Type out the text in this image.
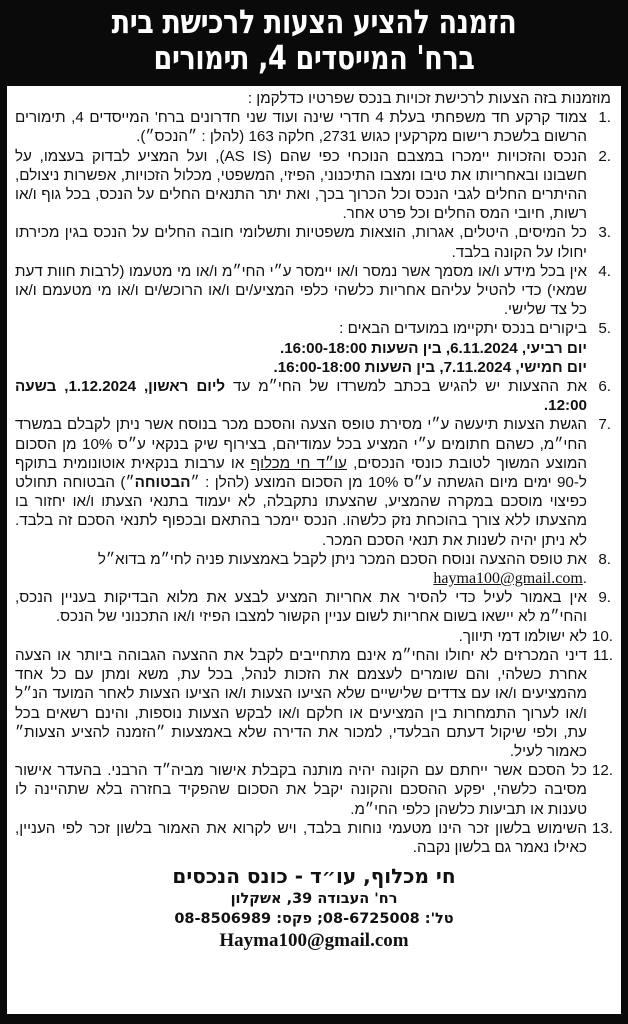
הזמנה להציע הצעות לרכישת בית
ברח' המייסדים 4, תימורים
מוזמנות בזה הצעות לרכישת זכויות בנכס שפרטיו כדלקמן :
1.
צמוד קרקע חד משפחתי בעלת 4 חדרי שינה ועוד שני חדרונים ברח' המייסדים 4, תימורים הרשום בלשכת רישום מקרקעין כגוש 2731, חלקה 163 (להלן : ״הנכס״).
2.
הנכס והזכויות יימכרו במצבם הנוכחי כפי שהם (AS IS), ועל המציע לבדוק בעצמו, על חשבונו ובאחריותו את טיבו ומצבו התיכנוני, הפיזי, המשפטי, מכלול הזכויות, אפשרות ניצולם, ההיתרים החלים לגבי הנכס וכל הכרוך בכך, ואת יתר התנאים החלים על הנכס, בכל גוף ו/או רשות, חיובי המס החלים וכל פרט אחר.
3.
כל המיסים, היטלים, אגרות, הוצאות משפטיות ותשלומי חובה החלים על הנכס בגין מכירתו יחולו על הקונה בלבד.
4.
אין בכל מידע ו/או מסמך אשר נמסר ו/או יימסר ע״י החי״מ ו/או מי מטעמו (לרבות חוות דעת שמאי) כדי להטיל עליהם אחריות כלשהי כלפי המציע/ים ו/או הרוכש/ים ו/או מי מטעמם ו/או כל צד שלישי.
5.
ביקורים בנכס יתקיימו במועדים הבאים :
יום רביעי, 6.11.2024, בין השעות 16:00-18:00.
יום חמישי, 7.11.2024, בין השעות 16:00-18:00.
6.
את ההצעות יש להגיש בכתב למשרדו של החי״מ עד ליום ראשון, 1.12.2024, בשעה 12:00.
7.
הגשת הצעות תיעשה ע״י מסירת טופס הצעה והסכם מכר בנוסח אשר ניתן לקבלם במשרד החי״מ, כשהם חתומים ע״י המציע בכל עמודיהם, בצירוף שיק בנקאי ע״ס 10% מן הסכום המוצע המשוך לטובת כונסי הנכסים, עו״ד חי מכלוף או ערבות בנקאית אוטונומית בתוקף ל-90 ימים מיום הגשתה ע״ס 10% מן הסכום המוצע (להלן : ״הבטוחה״) הבטוחה תחולט כפיצוי מוסכם במקרה שהמציע, שהצעתו נתקבלה, לא יעמוד בתנאי הצעתו ו/או יחזור בו מהצעתו ללא צורך בהוכחת נזק כלשהו. הנכס יימכר בהתאם ובכפוף לתנאי הסכם זה בלבד. לא ניתן יהיה לשנות את תנאי הסכם המכר.
8.
את טופס ההצעה ונוסח הסכם המכר ניתן לקבל באמצעות פניה לחי״מ בדוא״ל
.hayma100@gmail.com
9.
אין באמור לעיל כדי להסיר את אחריות המציע לבצע את מלוא הבדיקות בעניין הנכס, והחי״מ לא יישאו בשום אחריות לשום עניין הקשור למצבו הפיזי ו/או התכנוני של הנכס.
10.
לא ישולמו דמי תיווך.
11.
דיני המכרזים לא יחולו והחי״מ אינם מתחייבים לקבל את ההצעה הגבוהה ביותר או הצעה אחרת כשלהי, והם שומרים לעצמם את הזכות לנהל, בכל עת, משא ומתן עם כל אחד מהמציעים ו/או עם צדדים שלישיים שלא הציעו הצעות ו/או הציעו הצעות לאחר המועד הנ״ל ו/או לערוך התמחרות בין המציעים או חלקם ו/או לבקש הצעות נוספות, והינם רשאים בכל עת, ולפי שיקול דעתם הבלעדי, למכור את הדירה שלא באמצעות ״הזמנה להציע הצעות״ כאמור לעיל.
12.
כל הסכם אשר ייחתם עם הקונה יהיה מותנה בקבלת אישור מביה״ד הרבני. בהעדר אישור מסיבה כלשהי, יפקע ההסכם והקונה יקבל את הסכום שהפקיד בחזרה בלא שתהיינה לו טענות או תביעות כלשהן כלפי החי״מ.
13.
השימוש בלשון זכר הינו מטעמי נוחות בלבד, ויש לקרוא את האמור בלשון זכר לפי העניין, כאילו נאמר גם בלשון נקבה.
חי מכלוף, עו״ד - כונס הנכסים
רח' העבודה 39, אשקלון
טל': 08-6725008; פקס: 08-8506989
Hayma100@gmail.com
